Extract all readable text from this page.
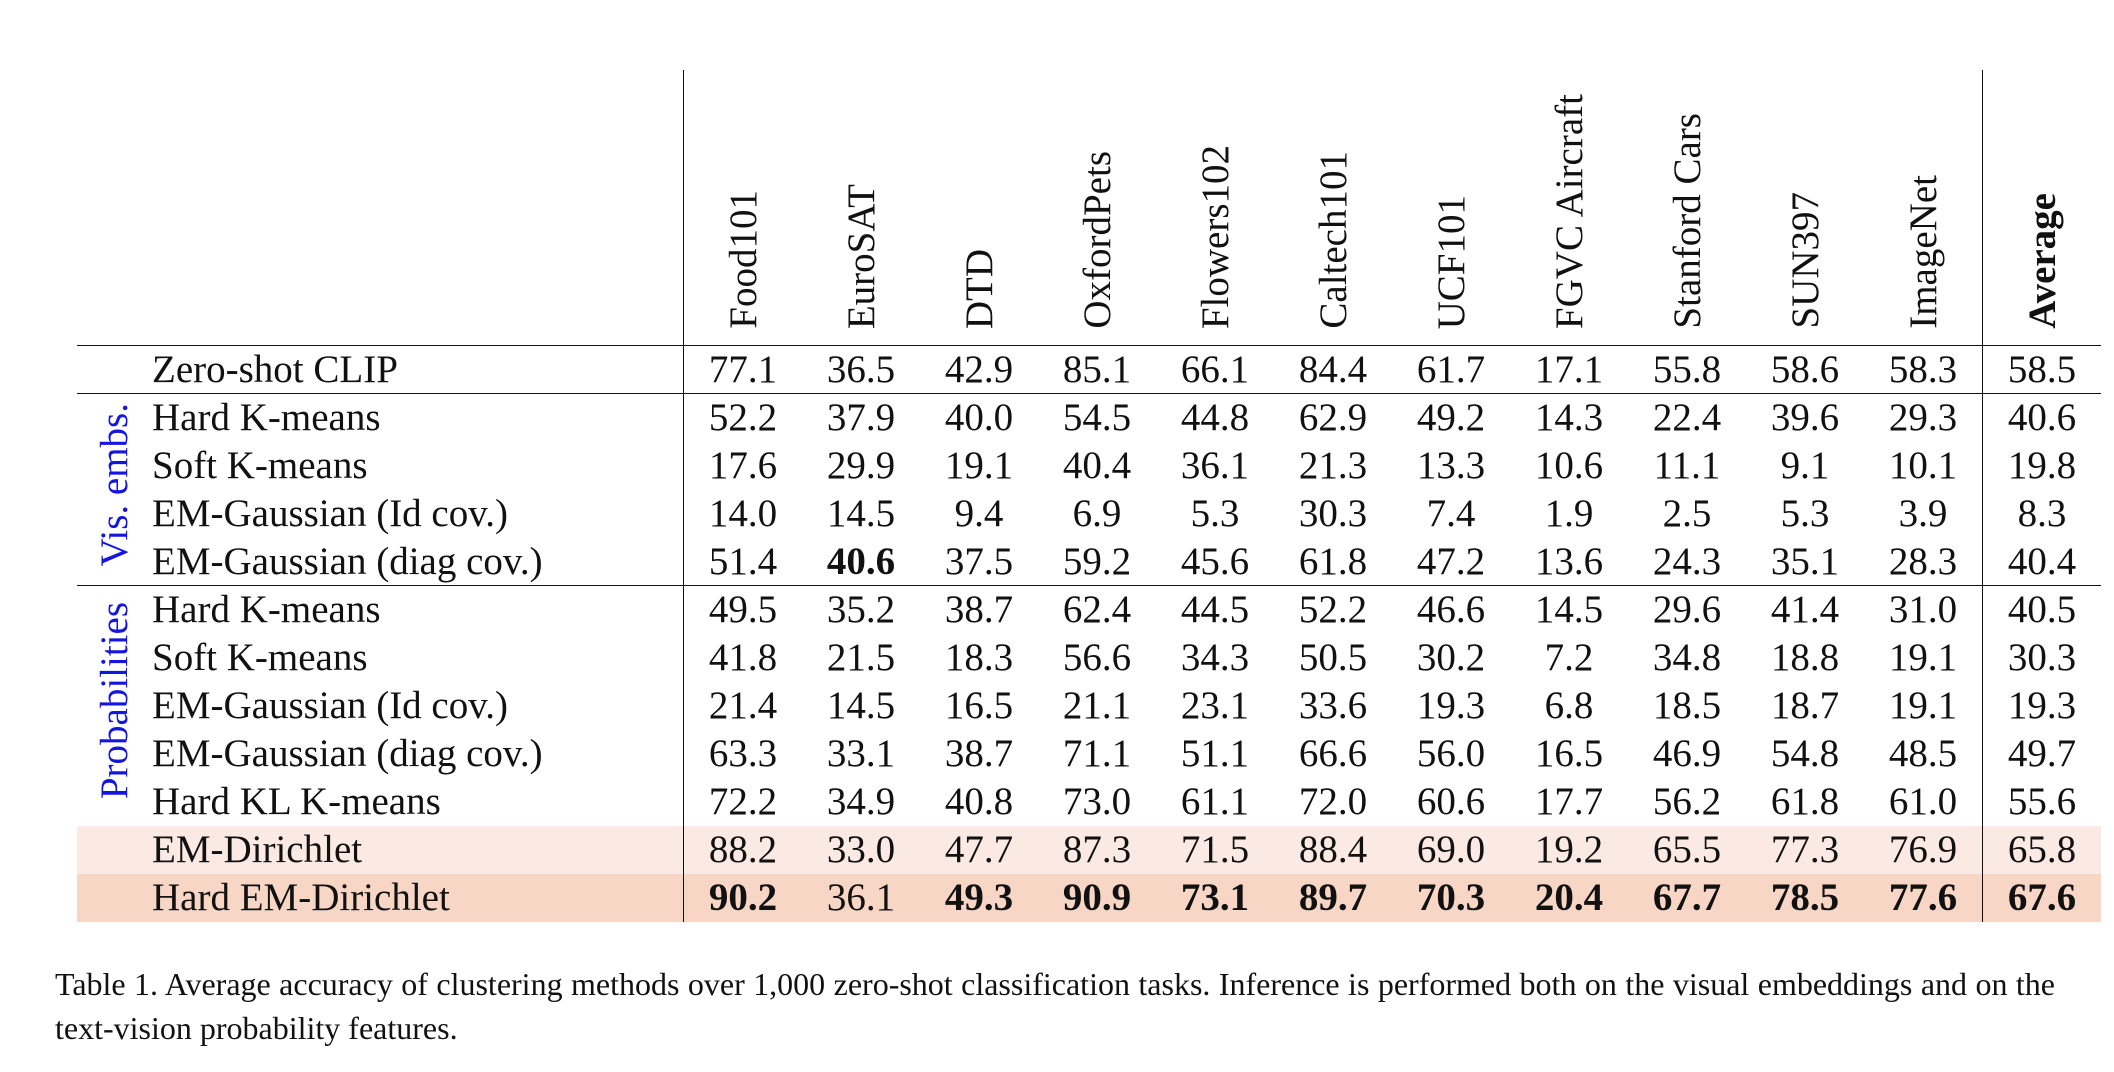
		Food101	EuroSAT	DTD	OxfordPets	Flowers102	Caltech101	UCF101	FGVC Aircraft	Stanford Cars	SUN397	ImageNet	Average
	Zero-shot CLIP	77.1	36.5	42.9	85.1	66.1	84.4	61.7	17.1	55.8	58.6	58.3	58.5
Vis. embs.	Hard K-means	52.2	37.9	40.0	54.5	44.8	62.9	49.2	14.3	22.4	39.6	29.3	40.6
	Soft K-means	17.6	29.9	19.1	40.4	36.1	21.3	13.3	10.6	11.1	9.1	10.1	19.8
	EM-Gaussian (Id cov.)	14.0	14.5	9.4	6.9	5.3	30.3	7.4	1.9	2.5	5.3	3.9	8.3
	EM-Gaussian (diag cov.)	51.4	40.6	37.5	59.2	45.6	61.8	47.2	13.6	24.3	35.1	28.3	40.4
Probabilities	Hard K-means	49.5	35.2	38.7	62.4	44.5	52.2	46.6	14.5	29.6	41.4	31.0	40.5
	Soft K-means	41.8	21.5	18.3	56.6	34.3	50.5	30.2	7.2	34.8	18.8	19.1	30.3
	EM-Gaussian (Id cov.)	21.4	14.5	16.5	21.1	23.1	33.6	19.3	6.8	18.5	18.7	19.1	19.3
	EM-Gaussian (diag cov.)	63.3	33.1	38.7	71.1	51.1	66.6	56.0	16.5	46.9	54.8	48.5	49.7
	Hard KL K-means	72.2	34.9	40.8	73.0	61.1	72.0	60.6	17.7	56.2	61.8	61.0	55.6
	EM-Dirichlet	88.2	33.0	47.7	87.3	71.5	88.4	69.0	19.2	65.5	77.3	76.9	65.8
	Hard EM-Dirichlet	90.2	36.1	49.3	90.9	73.1	89.7	70.3	20.4	67.7	78.5	77.6	67.6
Table 1. Average accuracy of clustering methods over 1,000 zero-shot classification tasks. Inference is performed both on the visual embeddings and on the text-vision probability features.
